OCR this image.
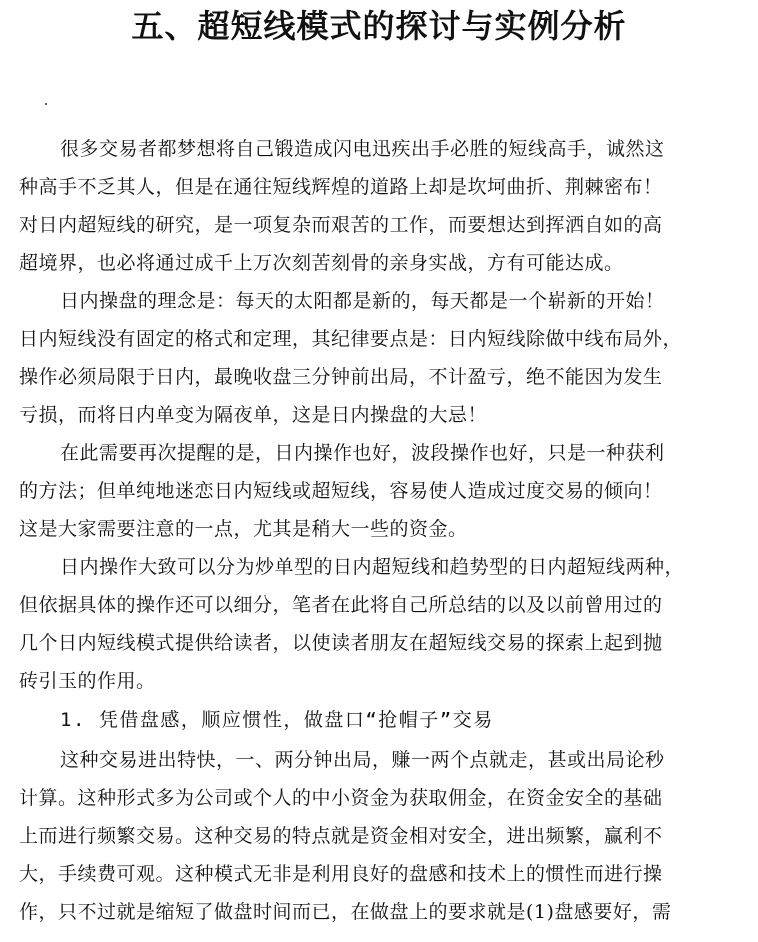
五、超短线模式的探讨与实例分析
很多交易者都梦想将自己锻造成闪电迅疾出手必胜的短线高手，诚然这
种高手不乏其人，但是在通往短线辉煌的道路上却是坎坷曲折、荆棘密布！
对日内超短线的研究，是一项复杂而艰苦的工作，而要想达到挥洒自如的高
超境界，也必将通过成千上万次刻苦刻骨的亲身实战，方有可能达成。
日内操盘的理念是：每天的太阳都是新的，每天都是一个崭新的开始！
日内短线没有固定的格式和定理，其纪律要点是：日内短线除做中线布局外，
操作必须局限于日内，最晚收盘三分钟前出局，不计盈亏，绝不能因为发生
亏损，而将日内单变为隔夜单，这是日内操盘的大忌！
在此需要再次提醒的是，日内操作也好，波段操作也好，只是一种获利
的方法；但单纯地迷恋日内短线或超短线，容易使人造成过度交易的倾向！
这是大家需要注意的一点，尤其是稍大一些的资金。
日内操作大致可以分为炒单型的日内超短线和趋势型的日内超短线两种，
但依据具体的操作还可以细分，笔者在此将自己所总结的以及以前曾用过的
几个日内短线模式提供给读者，以使读者朋友在超短线交易的探索上起到抛
砖引玉的作用。
1. 凭借盘感，顺应惯性，做盘口“抢帽子”交易
这种交易进出特快，一、两分钟出局，赚一两个点就走，甚或出局论秒
计算。这种形式多为公司或个人的中小资金为获取佣金，在资金安全的基础
上而进行频繁交易。这种交易的特点就是资金相对安全，进出频繁，赢利不
大，手续费可观。这种模式无非是利用良好的盘感和技术上的惯性而进行操
作，只不过就是缩短了做盘时间而已，在做盘上的要求就是(1)盘感要好，需
